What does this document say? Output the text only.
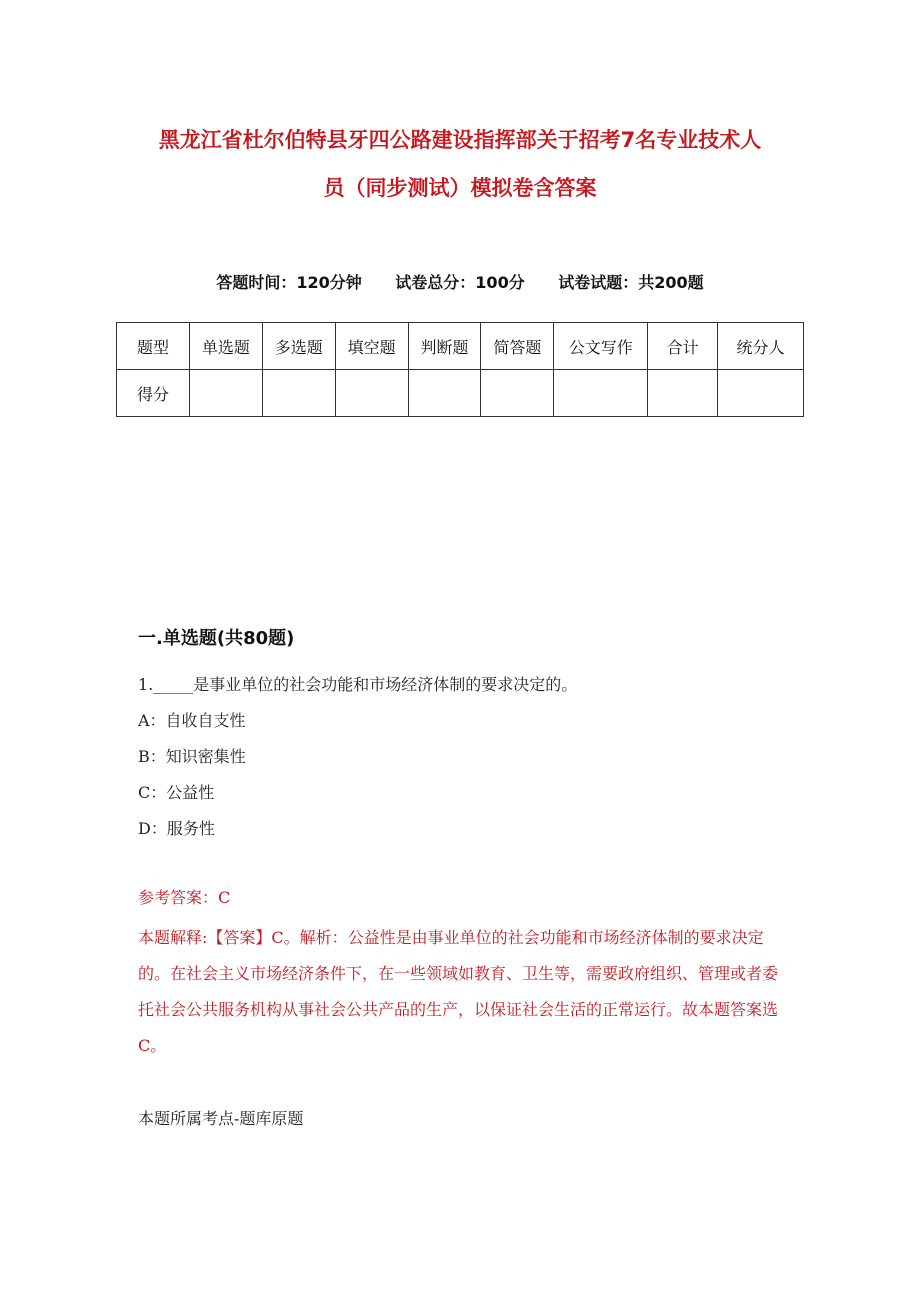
黑龙江省杜尔伯特县牙四公路建设指挥部关于招考7名专业技术人
员（同步测试）模拟卷含答案
答题时间：120分钟 试卷总分：100分 试卷试题：共200题
题型	单选题	多选题	填空题	判断题	简答题	公文写作	合计	统分人
得分								
一.单选题(共80题)
1._____是事业单位的社会功能和市场经济体制的要求决定的。
A：自收自支性
B：知识密集性
C：公益性
D：服务性
参考答案：C
本题解释:【答案】C。解析：公益性是由事业单位的社会功能和市场经济体制的要求决定的。在社会主义市场经济条件下，在一些领域如教育、卫生等，需要政府组织、管理或者委托社会公共服务机构从事社会公共产品的生产，以保证社会生活的正常运行。故本题答案选C。
本题所属考点-题库原题
